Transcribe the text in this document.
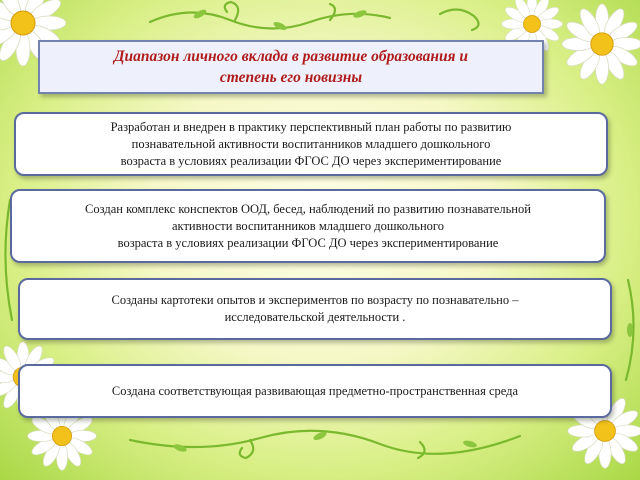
Диапазон личного вклада в развитие образования и
степень его новизны
Разработан и внедрен в практику перспективный план работы по развитию
познавательной активности воспитанников младшего дошкольного
возраста в условиях реализации ФГОС ДО через экспериментирование
Создан комплекс конспектов ООД, бесед, наблюдений по развитию познавательной
активности воспитанников младшего дошкольного
возраста в условиях реализации ФГОС ДО через экспериментирование
Созданы картотеки опытов и экспериментов по возрасту по познавательно –
исследовательской деятельности .
Создана соответствующая развивающая предметно-пространственная среда
